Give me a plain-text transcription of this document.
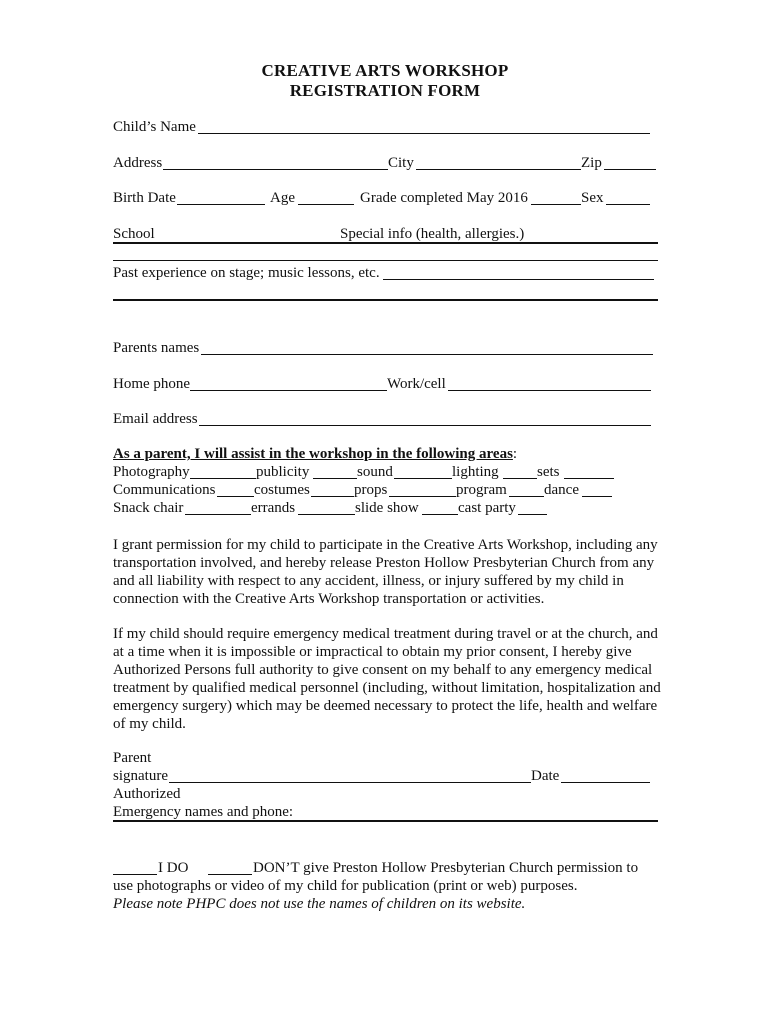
CREATIVE ARTS WORKSHOP
REGISTRATION FORM
Child’s Name
Address	City	Zip
Birth Date	Age	Grade completed May 2016	Sex
School	Special info (health, allergies.)
Past experience on stage; music lessons, etc.
Parents names
Home phone	Work/cell
Email address
As a parent, I will assist in the workshop in the following areas:
Photography	publicity	sound	lighting	sets
Communications	costumes	props	program dance
Snack chair	errands	slide show	cast party
I grant permission for my child to participate in the Creative Arts Workshop, including any transportation involved, and hereby release Preston Hollow Presbyterian Church from any and all liability with respect to any accident, illness, or injury suffered by my child in connection with the Creative Arts Workshop transportation or activities.
If my child should require emergency medical treatment during travel or at the church, and at a time when it is impossible or impractical to obtain my prior consent, I hereby give Authorized Persons full authority to give consent on my behalf to any emergency medical treatment by qualified medical personnel (including, without limitation, hospitalization and emergency surgery) which may be deemed necessary to protect the life, health and welfare of my child.
Parent
signature	Date
Authorized
Emergency names and phone:
I DO	DON’T give Preston Hollow Presbyterian Church permission to
use photographs or video of my child for publication (print or web) purposes.
Please note PHPC does not use the names of children on its website.
